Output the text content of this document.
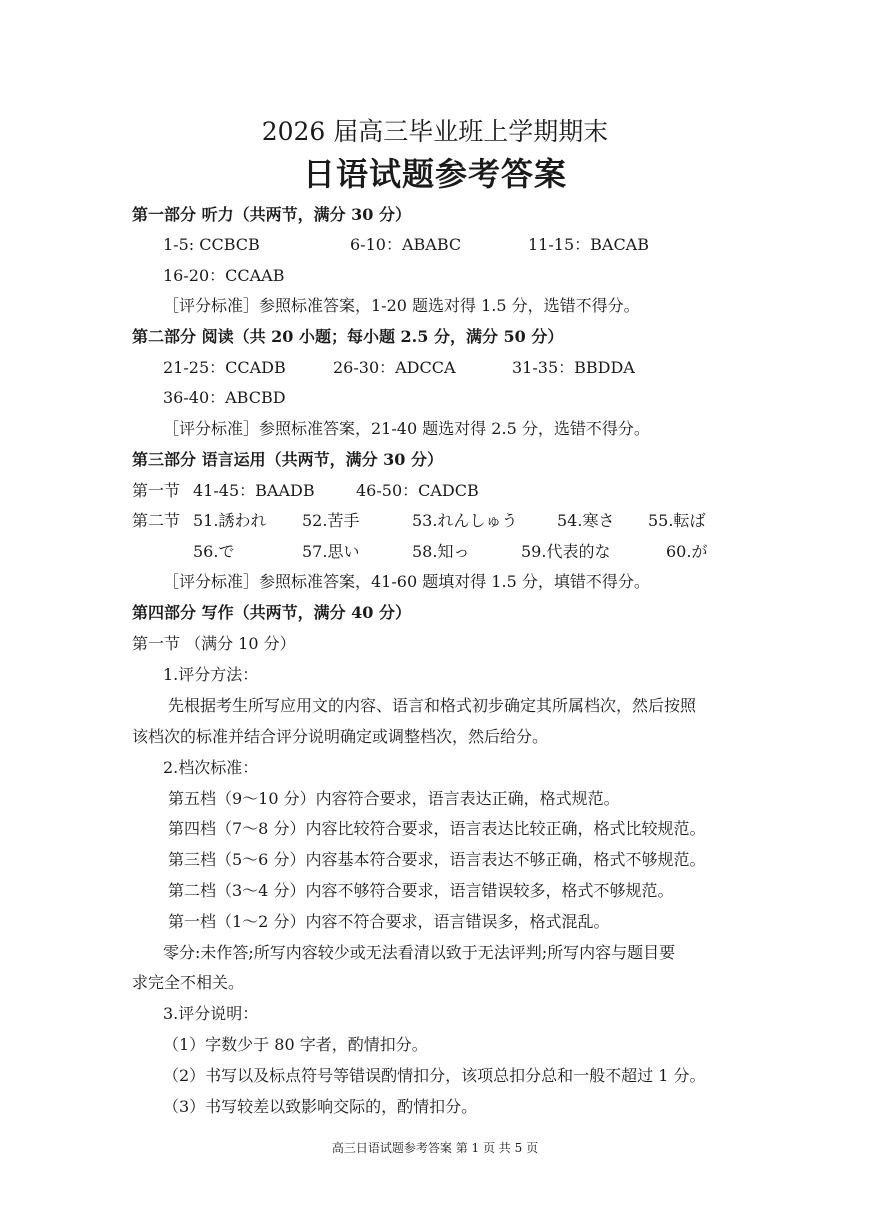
2026 届高三毕业班上学期期末
日语试题参考答案
第一部分 听力（共两节，满分 30 分）
1-5: CCBCB	6-10：ABABC	11-15：BACAB
16-20：CCAAB
［评分标准］参照标准答案，1-20 题选对得 1.5 分，选错不得分。
第二部分 阅读（共 20 小题；每小题 2.5 分，满分 50 分）
21-25：CCADB	26-30：ADCCA	31-35：BBDDA
36-40：ABCBD
［评分标准］参照标准答案，21-40 题选对得 2.5 分，选错不得分。
第三部分 语言运用（共两节，满分 30 分）
第一节 41-45：BAADB	46-50：CADCB
第二节 51.誘われ 52.苦手	53.れんしゅう 54.寒さ 55.転ば
56.で	57.思い	58.知っ	59.代表的な	60.が
［评分标准］参照标准答案，41-60 题填对得 1.5 分，填错不得分。
第四部分 写作（共两节，满分 40 分）
第一节 （满分 10 分）
1.评分方法：
先根据考生所写应用文的内容、语言和格式初步确定其所属档次，然后按照
该档次的标准并结合评分说明确定或调整档次，然后给分。
2.档次标准：
第五档（9～10 分）内容符合要求，语言表达正确，格式规范。
第四档（7～8 分）内容比较符合要求，语言表达比较正确，格式比较规范。
第三档（5～6 分）内容基本符合要求，语言表达不够正确，格式不够规范。
第二档（3～4 分）内容不够符合要求，语言错误较多，格式不够规范。
第一档（1～2 分）内容不符合要求，语言错误多，格式混乱。
零分:未作答;所写内容较少或无法看清以致于无法评判;所写内容与题目要
求完全不相关。
3.评分说明：
（1）字数少于 80 字者，酌情扣分。
（2）书写以及标点符号等错误酌情扣分，该项总扣分总和一般不超过 1 分。
（3）书写较差以致影响交际的，酌情扣分。
高三日语试题参考答案 第 1 页 共 5 页
